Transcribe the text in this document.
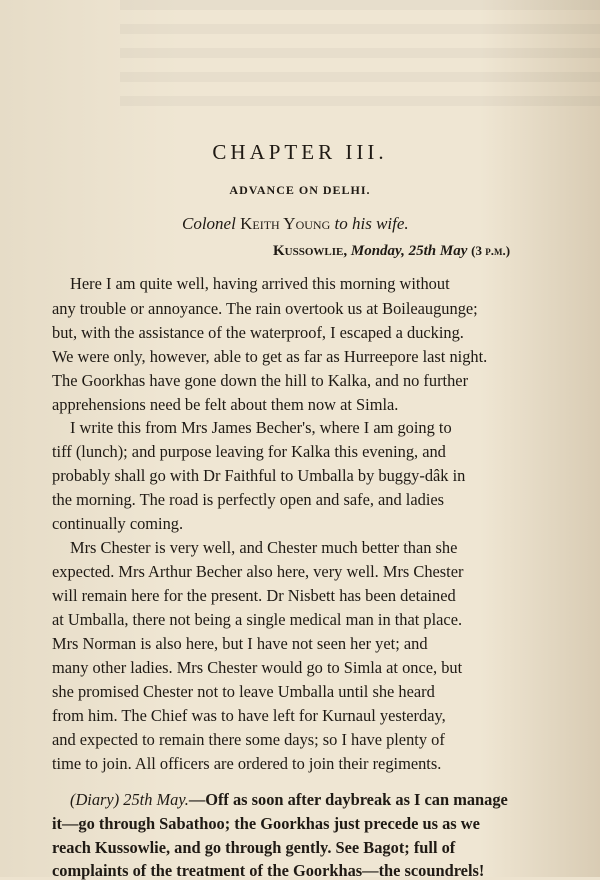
CHAPTER III.
ADVANCE ON DELHI.
Colonel Keith Young to his wife.
Kussowlie, Monday, 25th May (3 p.m.)
Here I am quite well, having arrived this morning without
any trouble or annoyance. The rain overtook us at Boileaugunge;
but, with the assistance of the waterproof, I escaped a ducking.
We were only, however, able to get as far as Hurreepore last night.
The Goorkhas have gone down the hill to Kalka, and no further
apprehensions need be felt about them now at Simla.
I write this from Mrs James Becher's, where I am going to
tiff (lunch); and purpose leaving for Kalka this evening, and
probably shall go with Dr Faithful to Umballa by buggy-dâk in
the morning. The road is perfectly open and safe, and ladies
continually coming.
Mrs Chester is very well, and Chester much better than she
expected. Mrs Arthur Becher also here, very well. Mrs Chester
will remain here for the present. Dr Nisbett has been detained
at Umballa, there not being a single medical man in that place.
Mrs Norman is also here, but I have not seen her yet; and
many other ladies. Mrs Chester would go to Simla at once, but
she promised Chester not to leave Umballa until she heard
from him. The Chief was to have left for Kurnaul yesterday,
and expected to remain there some days; so I have plenty of
time to join. All officers are ordered to join their regiments.
(Diary) 25th May.—Off as soon after daybreak as I can manage
it—go through Sabathoo; the Goorkhas just precede us as we
reach Kussowlie, and go through gently. See Bagot; full of
complaints of the treatment of the Goorkhas—the scoundrels!
